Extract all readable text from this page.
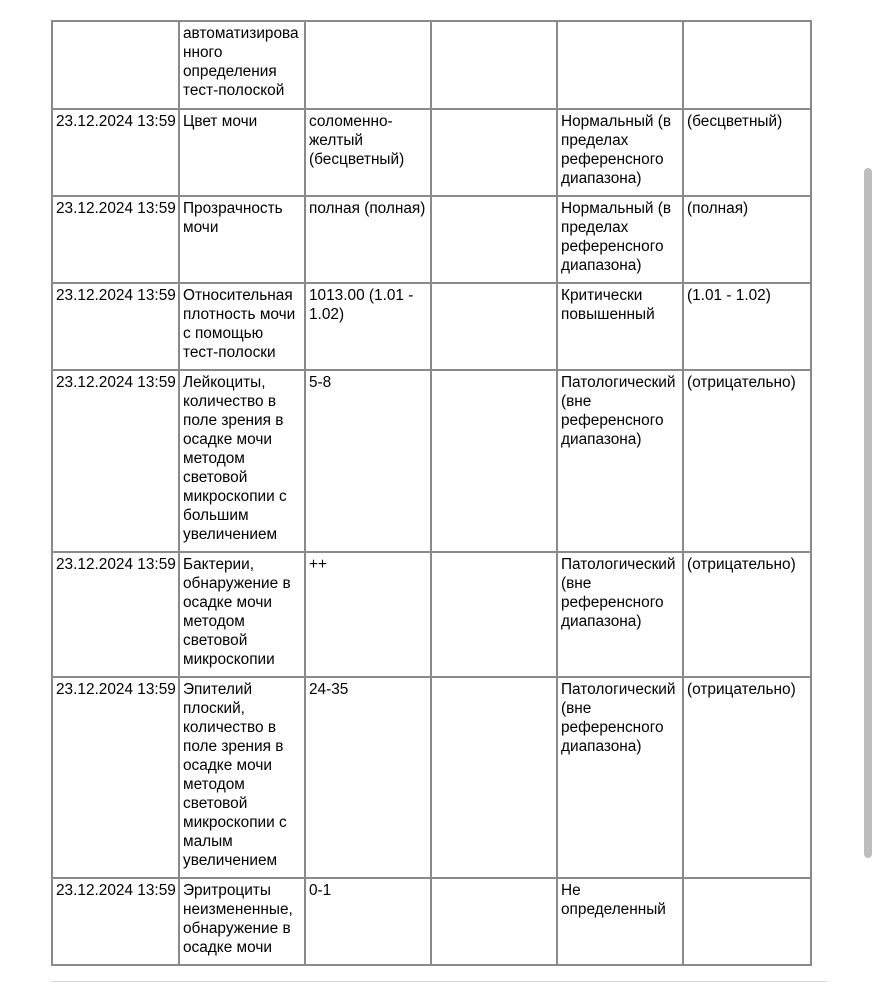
	автоматизированного определения тест-полоской				
23.12.2024 13:59	Цвет мочи	соломенно-желтый (бесцветный)		Нормальный (в пределах референсного диапазона)	(бесцветный)
23.12.2024 13:59	Прозрачность мочи	полная (полная)		Нормальный (в пределах референсного диапазона)	(полная)
23.12.2024 13:59	Относительная плотность мочи с помощью тест-полоски	1013.00 (1.01 - 1.02)		Критически повышенный	(1.01 - 1.02)
23.12.2024 13:59	Лейкоциты, количество в поле зрения в осадке мочи методом световой микроскопии с большим увеличением	5-8		Патологический (вне референсного диапазона)	(отрицательно)
23.12.2024 13:59	Бактерии, обнаружение в осадке мочи методом световой микроскопии	++		Патологический (вне референсного диапазона)	(отрицательно)
23.12.2024 13:59	Эпителий плоский, количество в поле зрения в осадке мочи методом световой микроскопии с малым увеличением	24-35		Патологический (вне референсного диапазона)	(отрицательно)
23.12.2024 13:59	Эритроциты неизмененные, обнаружение в осадке мочи	0-1		Не определенный	
